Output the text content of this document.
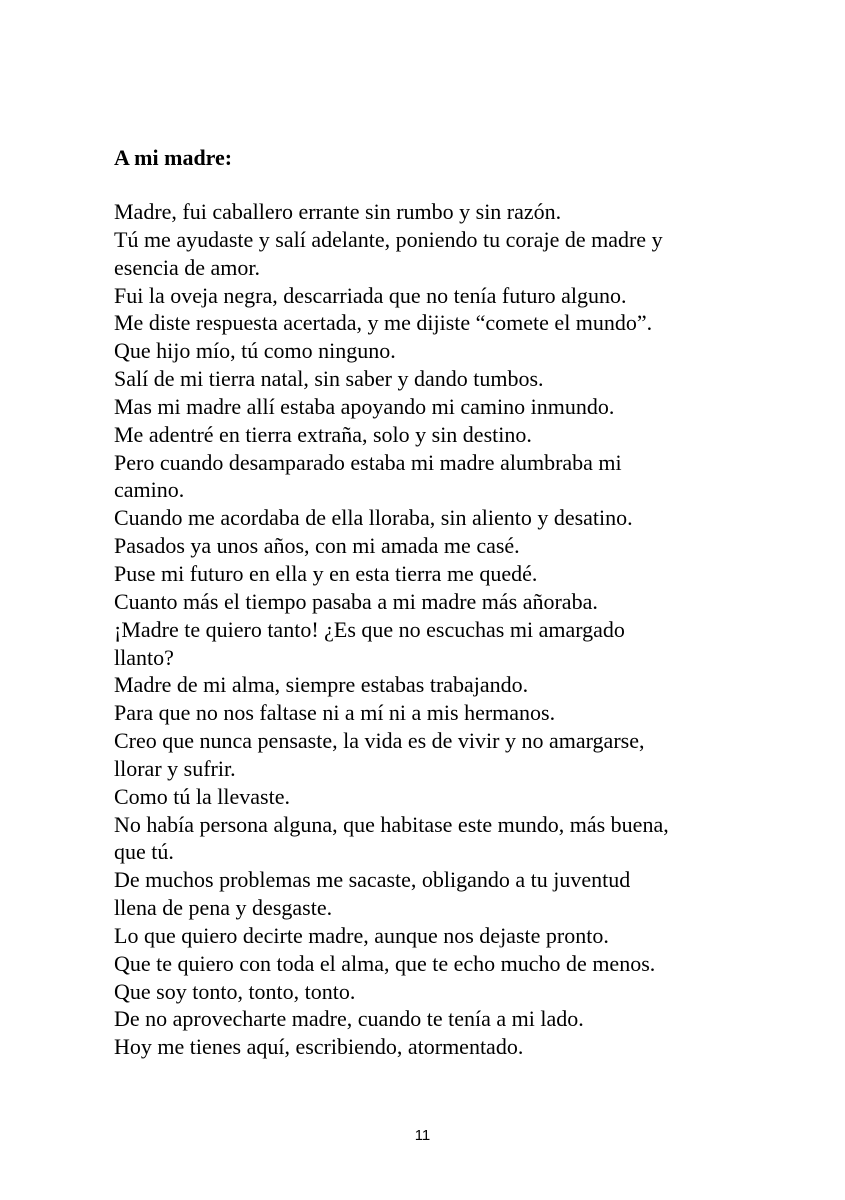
A mi madre:
Madre, fui caballero errante sin rumbo y sin razón.
Tú me ayudaste y salí adelante, poniendo tu coraje de madre y
esencia de amor.
Fui la oveja negra, descarriada que no tenía futuro alguno.
Me diste respuesta acertada, y me dijiste “comete el mundo”.
Que hijo mío, tú como ninguno.
Salí de mi tierra natal, sin saber y dando tumbos.
Mas mi madre allí estaba apoyando mi camino inmundo.
Me adentré en tierra extraña, solo y sin destino.
Pero cuando desamparado estaba mi madre alumbraba mi
camino.
Cuando me acordaba de ella lloraba, sin aliento y desatino.
Pasados ya unos años, con mi amada me casé.
Puse mi futuro en ella y en esta tierra me quedé.
Cuanto más el tiempo pasaba a mi madre más añoraba.
¡Madre te quiero tanto! ¿Es que no escuchas mi amargado
llanto?
Madre de mi alma, siempre estabas trabajando.
Para que no nos faltase ni a mí ni a mis hermanos.
Creo que nunca pensaste, la vida es de vivir y no amargarse,
llorar y sufrir.
Como tú la llevaste.
No había persona alguna, que habitase este mundo, más buena,
que tú.
De muchos problemas me sacaste, obligando a tu juventud
llena de pena y desgaste.
Lo que quiero decirte madre, aunque nos dejaste pronto.
Que te quiero con toda el alma, que te echo mucho de menos.
Que soy tonto, tonto, tonto.
De no aprovecharte madre, cuando te tenía a mi lado.
Hoy me tienes aquí, escribiendo, atormentado.
11
